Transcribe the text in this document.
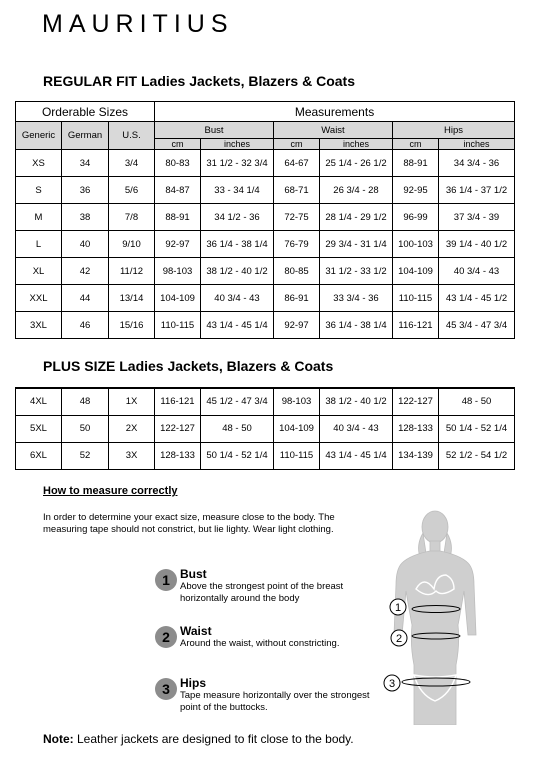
MAURITIUS
REGULAR FIT Ladies Jackets, Blazers & Coats
Orderable Sizes			Measurements					
Generic	German	U.S.	Bust		Waist		Hips	
			cm	inches	cm	inches	cm	inches
XS	34	3/4	80-83	31 1/2 - 32 3/4	64-67	25 1/4 - 26 1/2	88-91	34 3/4 - 36
S	36	5/6	84-87	33 - 34 1/4	68-71	26 3/4 - 28	92-95	36 1/4 - 37 1/2
M	38	7/8	88-91	34 1/2 - 36	72-75	28 1/4 - 29 1/2	96-99	37 3/4 - 39
L	40	9/10	92-97	36 1/4 - 38 1/4	76-79	29 3/4 - 31 1/4	100-103	39 1/4 - 40 1/2
XL	42	11/12	98-103	38 1/2 - 40 1/2	80-85	31 1/2 - 33 1/2	104-109	40 3/4 - 43
XXL	44	13/14	104-109	40 3/4 - 43	86-91	33 3/4 - 36	110-115	43 1/4 - 45 1/2
3XL	46	15/16	110-115	43 1/4 - 45 1/4	92-97	36 1/4 - 38 1/4	116-121	45 3/4 - 47 3/4
PLUS SIZE Ladies Jackets, Blazers & Coats
4XL	48	1X	116-121	45 1/2 - 47 3/4	98-103	38 1/2 - 40 1/2	122-127	48 - 50
5XL	50	2X	122-127	48 - 50	104-109	40 3/4 - 43	128-133	50 1/4 - 52 1/4
6XL	52	3X	128-133	50 1/4 - 52 1/4	110-115	43 1/4 - 45 1/4	134-139	52 1/2 - 54 1/2
How to measure correctly
In order to determine your exact size, measure close to the body. The measuring tape should not constrict, but lie lighty. Wear light clothing.
1 Bust
Above the strongest point of the breast horizontally around the body
2 Waist
Around the waist, without constricting.
3 Hips
Tape measure horizontally over the strongest point of the buttocks.
1
2
3
Note: Leather jackets are designed to fit close to the body.
